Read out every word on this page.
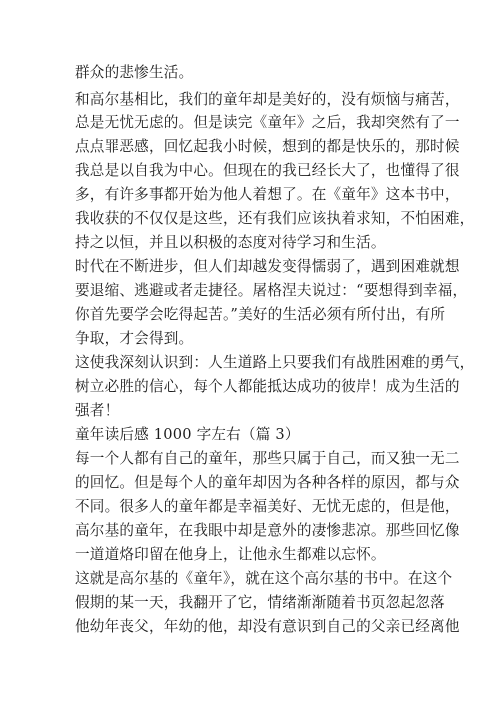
群众的悲惨生活。
和高尔基相比，我们的童年却是美好的，没有烦恼与痛苦，
总是无忧无虑的。但是读完《童年》之后，我却突然有了一
点点罪恶感，回忆起我小时候，想到的都是快乐的，那时候
我总是以自我为中心。但现在的我已经长大了，也懂得了很
多，有许多事都开始为他人着想了。在《童年》这本书中，
我收获的不仅仅是这些，还有我们应该执着求知，不怕困难，
持之以恒，并且以积极的态度对待学习和生活。
时代在不断进步，但人们却越发变得懦弱了，遇到困难就想
要退缩、逃避或者走捷径。屠格涅夫说过：“要想得到幸福，
你首先要学会吃得起苦。”美好的生活必须有所付出，有所
争取，才会得到。
这使我深刻认识到：人生道路上只要我们有战胜困难的勇气，
树立必胜的信心，每个人都能抵达成功的彼岸！成为生活的
强者！
童年读后感 1000 字左右（篇 3）
每一个人都有自己的童年，那些只属于自己，而又独一无二
的回忆。但是每个人的童年却因为各种各样的原因，都与众
不同。很多人的童年都是幸福美好、无忧无虑的，但是他，
高尔基的童年，在我眼中却是意外的凄惨悲凉。那些回忆像
一道道烙印留在他身上，让他永生都难以忘怀。
这就是高尔基的《童年》，就在这个高尔基的书中。在这个
假期的某一天，我翻开了它，情绪渐渐随着书页忽起忽落
他幼年丧父，年幼的他，却没有意识到自己的父亲已经离他
